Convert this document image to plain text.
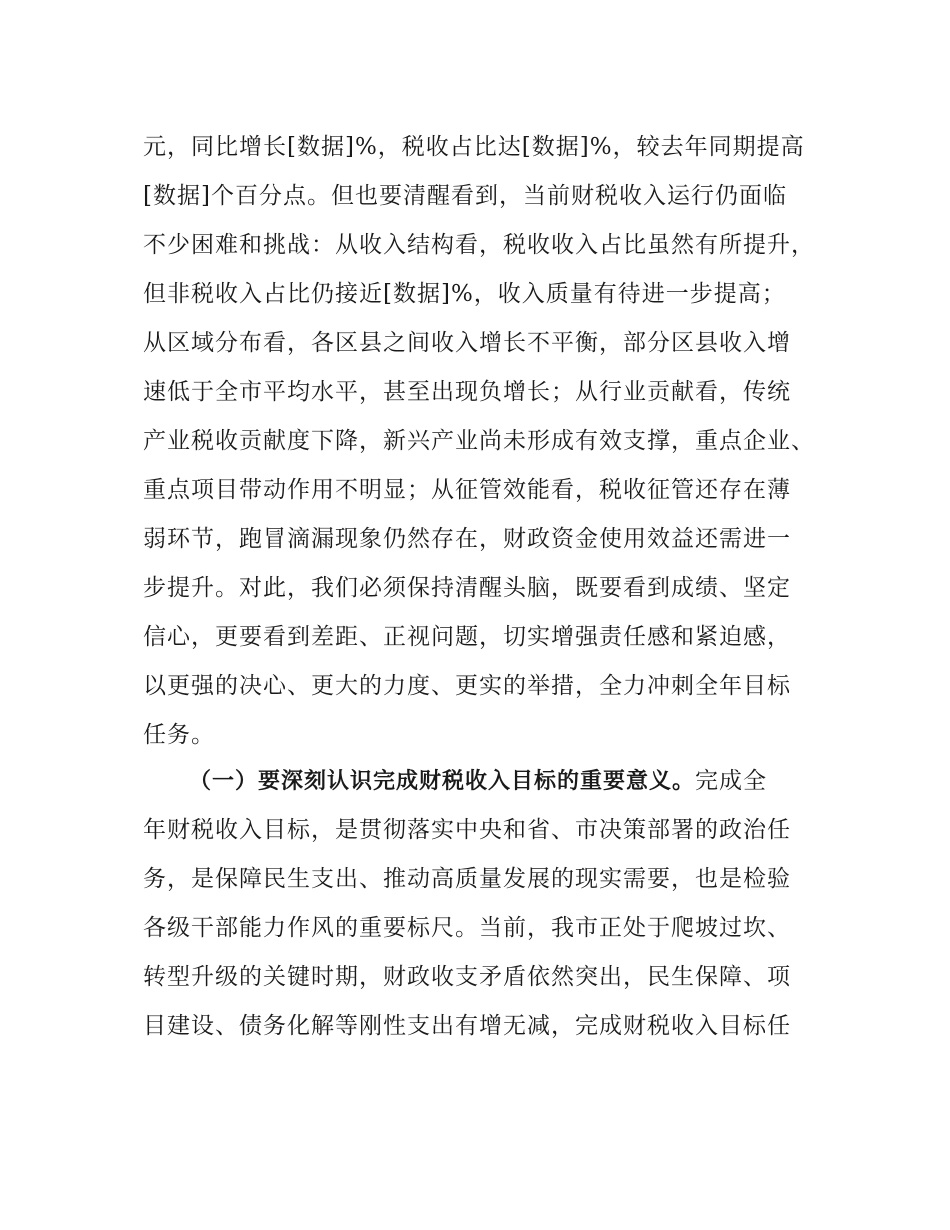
元，同比增长[数据]%，税收占比达[数据]%，较去年同期提高
[数据]个百分点。但也要清醒看到，当前财税收入运行仍面临
不少困难和挑战：从收入结构看，税收收入占比虽然有所提升，
但非税收入占比仍接近[数据]%，收入质量有待进一步提高；
从区域分布看，各区县之间收入增长不平衡，部分区县收入增
速低于全市平均水平，甚至出现负增长；从行业贡献看，传统
产业税收贡献度下降，新兴产业尚未形成有效支撑，重点企业、
重点项目带动作用不明显；从征管效能看，税收征管还存在薄
弱环节，跑冒滴漏现象仍然存在，财政资金使用效益还需进一
步提升。对此，我们必须保持清醒头脑，既要看到成绩、坚定
信心，更要看到差距、正视问题，切实增强责任感和紧迫感，
以更强的决心、更大的力度、更实的举措，全力冲刺全年目标
任务。
（一）要深刻认识完成财税收入目标的重要意义。完成全
年财税收入目标，是贯彻落实中央和省、市决策部署的政治任
务，是保障民生支出、推动高质量发展的现实需要，也是检验
各级干部能力作风的重要标尺。当前，我市正处于爬坡过坎、
转型升级的关键时期，财政收支矛盾依然突出，民生保障、项
目建设、债务化解等刚性支出有增无减，完成财税收入目标任
